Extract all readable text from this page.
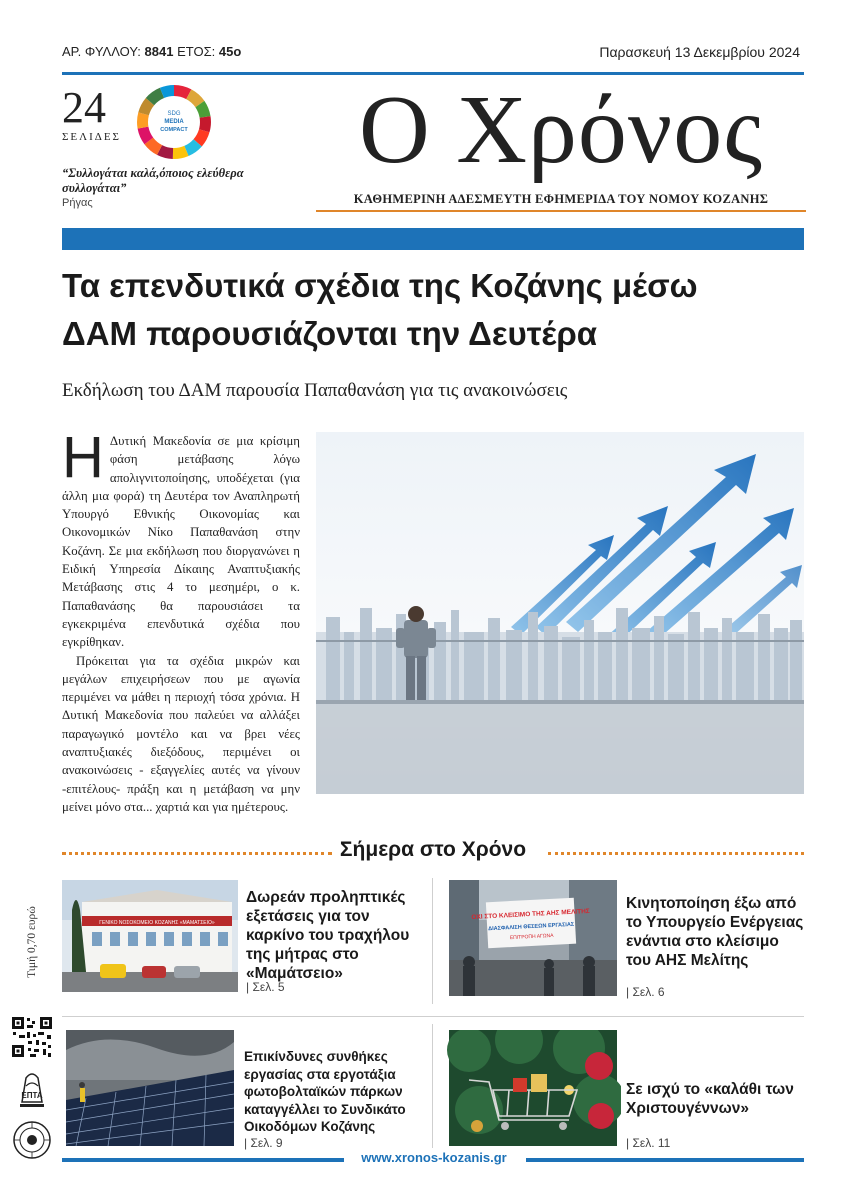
ΑΡ. ΦΥΛΛΟΥ: 8841 ΕΤΟΣ: 45ο	Παρασκευή 13 Δεκεμβρίου 2024
24
ΣΕΛΙΔΕΣ
SDG
MEDIA
COMPACT
“Συλλογάται καλά,όποιος ελεύθερα συλλογάται”
Ρήγας
Ο Χρόνος
ΚΑΘΗΜΕΡΙΝΗ ΑΔΕΣΜΕΥΤΗ ΕΦΗΜΕΡΙΔΑ ΤΟΥ ΝΟΜΟΥ ΚΟΖΑΝΗΣ
Τα επενδυτικά σχέδια της Κοζάνης μέσω
ΔΑΜ παρουσιάζονται την Δευτέρα
Εκδήλωση του ΔΑΜ παρουσία Παπαθανάση για τις ανακοινώσεις

Η Δυτική Μακεδονία σε μια κρίσιμη φάση μετάβασης λόγω απολιγνιτοποίησης, υποδέχεται (για άλλη μια φορά) τη Δευτέρα τον Αναπληρωτή Υπουργό Εθνικής Οικονομίας και Οικονομικών Νίκο Παπαθανάση στην Κοζάνη. Σε μια εκδήλωση που διοργανώνει η Ειδική Υπηρεσία Δίκαιης Αναπτυξιακής Μετάβασης στις 4 το μεσημέρι, ο κ. Παπαθανάσης θα παρουσιάσει τα εγκεκριμένα επενδυτικά σχέδια που εγκρίθηκαν.

Πρόκειται για τα σχέδια μικρών και μεγάλων επιχειρήσεων που με αγωνία περιμένει να μάθει η περιοχή τόσα χρόνια. Η Δυτική Μακεδονία που παλεύει να αλλάξει παραγωγικό μοντέλο και να βρει νέες αναπτυξιακές διεξόδους, περιμένει οι ανακοινώσεις - εξαγγελίες αυτές να γίνουν -επιτέλους- πράξη και η μετάβαση να μην μείνει μόνο στα... χαρτιά και για ημέτερους.

Σήμερα στο Χρόνο
ΓΕΝΙΚΟ ΝΟΣΟΚΟΜΕΙΟ ΚΟΖΑΝΗΣ «ΜΑΜΑΤΣΕΙΟ»
Δωρεάν προληπτικές εξετάσεις για τον καρκίνο του τραχήλου της μήτρας στο «Μαμάτσειο»
| Σελ. 5
ΟΧΙ ΣΤΟ ΚΛΕΙΣΙΜΟ ΤΗΣ ΑΗΣ ΜΕΛΙΤΗΣ
ΔΙΑΣΦΑΛΙΣΗ ΘΕΣΕΩΝ ΕΡΓΑΣΙΑΣ
ΕΠΙΤΡΟΠΗ ΑΓΩΝΑ
Κινητοποίηση έξω από το Υπουργείο Ενέργειας ενάντια στο κλείσιμο του ΑΗΣ Μελίτης
| Σελ. 6
Επικίνδυνες συνθήκες εργασίας στα εργοτάξια φωτοβολταϊκών πάρκων καταγγέλλει το Συνδικάτο Οικοδόμων Κοζάνης
| Σελ. 9
Σε ισχύ το «καλάθι των Χριστουγέννων»
| Σελ. 11
Τιμή 0,70 ευρώ
ΕΠΤΑ
www.xronos-kozanis.gr
